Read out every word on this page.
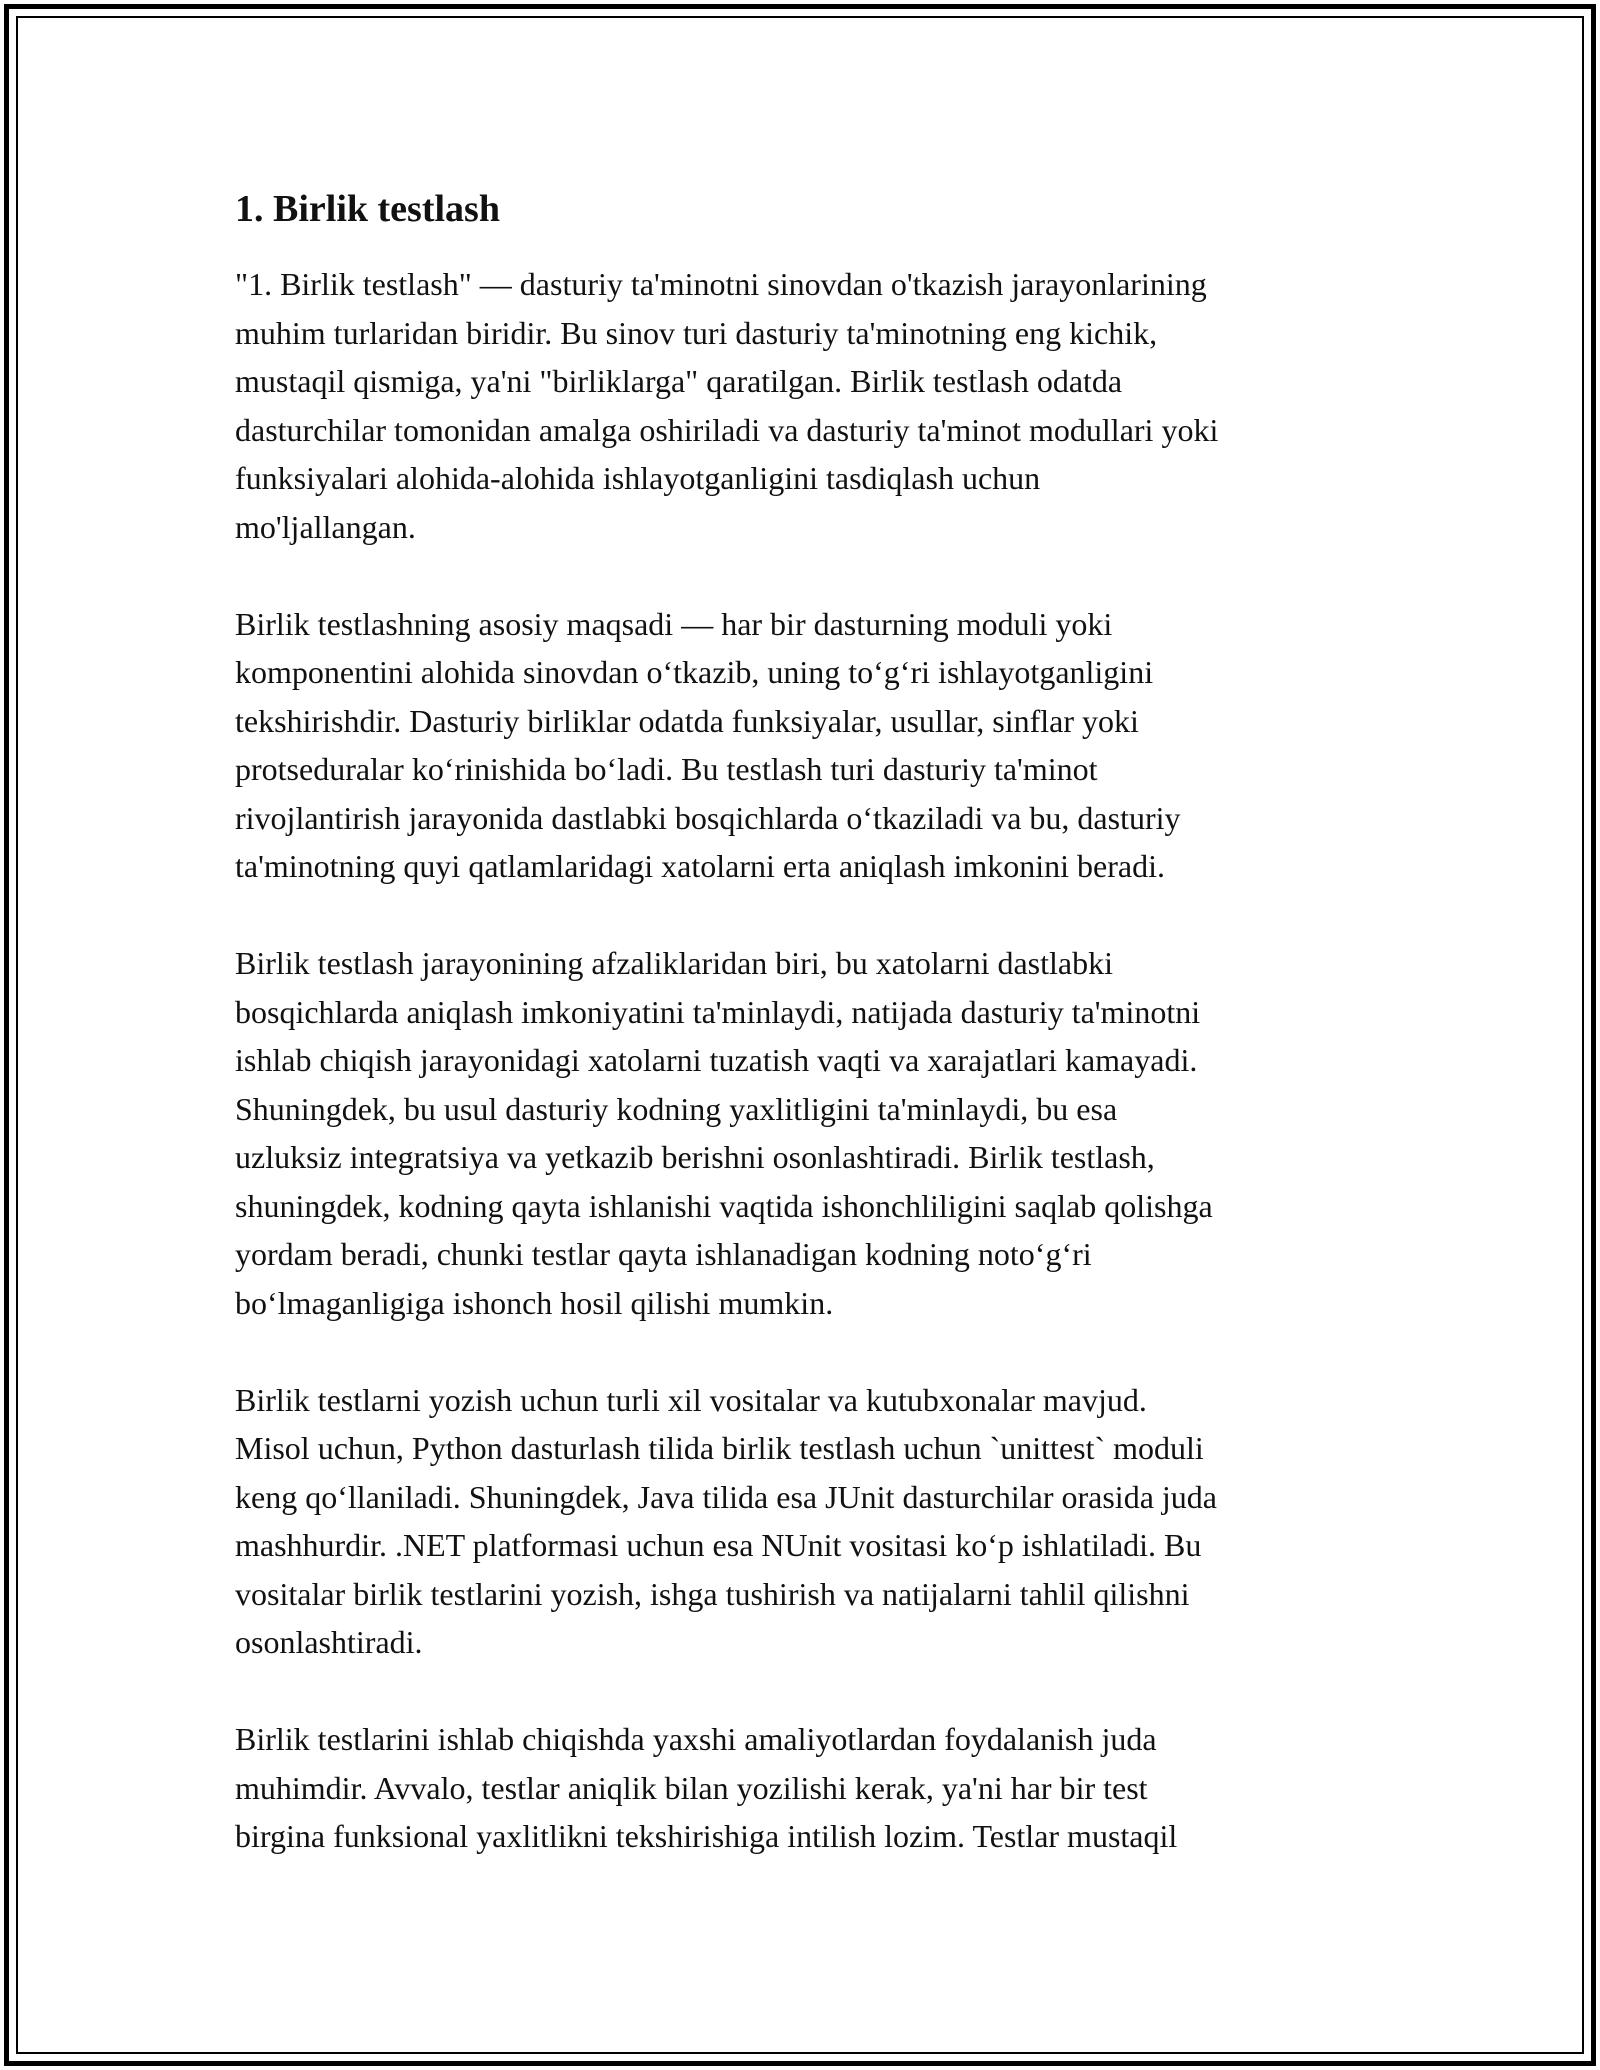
1. Birlik testlash

"1. Birlik testlash" — dasturiy ta'minotni sinovdan o'tkazish jarayonlarining
muhim turlaridan biridir. Bu sinov turi dasturiy ta'minotning eng kichik,
mustaqil qismiga, ya'ni "birliklarga" qaratilgan. Birlik testlash odatda
dasturchilar tomonidan amalga oshiriladi va dasturiy ta'minot modullari yoki
funksiyalari alohida-alohida ishlayotganligini tasdiqlash uchun
mo'ljallangan.

Birlik testlashning asosiy maqsadi — har bir dasturning moduli yoki
komponentini alohida sinovdan o‘tkazib, uning to‘g‘ri ishlayotganligini
tekshirishdir. Dasturiy birliklar odatda funksiyalar, usullar, sinflar yoki
protseduralar ko‘rinishida bo‘ladi. Bu testlash turi dasturiy ta'minot
rivojlantirish jarayonida dastlabki bosqichlarda o‘tkaziladi va bu, dasturiy
ta'minotning quyi qatlamlaridagi xatolarni erta aniqlash imkonini beradi.

Birlik testlash jarayonining afzaliklaridan biri, bu xatolarni dastlabki
bosqichlarda aniqlash imkoniyatini ta'minlaydi, natijada dasturiy ta'minotni
ishlab chiqish jarayonidagi xatolarni tuzatish vaqti va xarajatlari kamayadi.
Shuningdek, bu usul dasturiy kodning yaxlitligini ta'minlaydi, bu esa
uzluksiz integratsiya va yetkazib berishni osonlashtiradi. Birlik testlash,
shuningdek, kodning qayta ishlanishi vaqtida ishonchliligini saqlab qolishga
yordam beradi, chunki testlar qayta ishlanadigan kodning noto‘g‘ri
bo‘lmaganligiga ishonch hosil qilishi mumkin.

Birlik testlarni yozish uchun turli xil vositalar va kutubxonalar mavjud.
Misol uchun, Python dasturlash tilida birlik testlash uchun `unittest` moduli
keng qo‘llaniladi. Shuningdek, Java tilida esa JUnit dasturchilar orasida juda
mashhurdir. .NET platformasi uchun esa NUnit vositasi ko‘p ishlatiladi. Bu
vositalar birlik testlarini yozish, ishga tushirish va natijalarni tahlil qilishni
osonlashtiradi.

Birlik testlarini ishlab chiqishda yaxshi amaliyotlardan foydalanish juda
muhimdir. Avvalo, testlar aniqlik bilan yozilishi kerak, ya'ni har bir test
birgina funksional yaxlitlikni tekshirishiga intilish lozim. Testlar mustaqil
